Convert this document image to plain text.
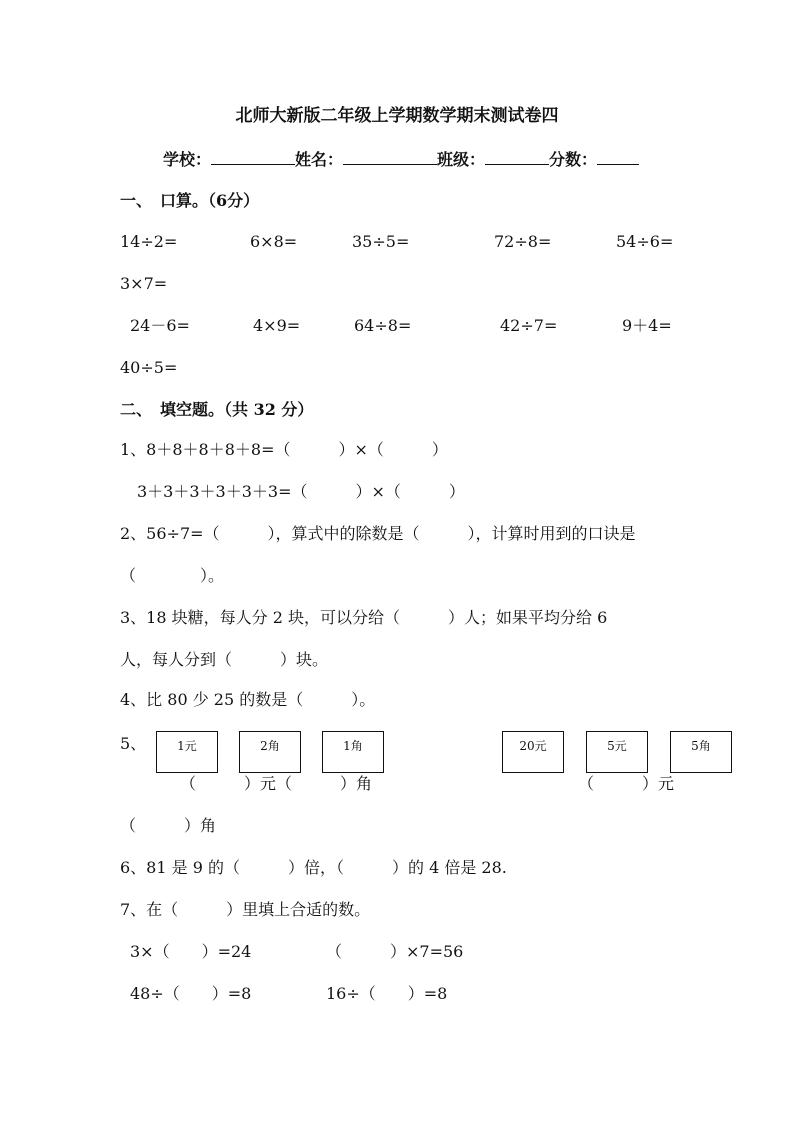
北师大新版二年级上学期数学期末测试卷四
学校：	姓名：	班级：	分数：
一、　口算。（6分）
14÷2=	6×8=	35÷5=	72÷8=	54÷6=
3×7=
24－6=	4×9=	64÷8=	42÷7=	9＋4=
40÷5=
二、　填空题。（共 32 分）
1、8＋8＋8＋8＋8=（　　　）×（　　　）
3＋3＋3＋3＋3＋3=（　　　）×（　　　）
2、56÷7=（　　　），算式中的除数是（　　　），计算时用到的口诀是
（　　　　）。
3、18 块糖，每人分 2 块，可以分给（　　　）人；如果平均分给 6
人，每人分到（　　　）块。
4、比 80 少 25 的数是（　　　）。
5、	1元	2角	1角	20元	5元	5角
（　　　）元（　　　）角	（　　　）元
（　　　）角
6、81 是 9 的（　　　）倍，（　　　）的 4 倍是 28.
7、在（　　　）里填上合适的数。
3×（　　）=24	（　　　）×7=56
48÷（　　）=8	16÷（　　）=8
